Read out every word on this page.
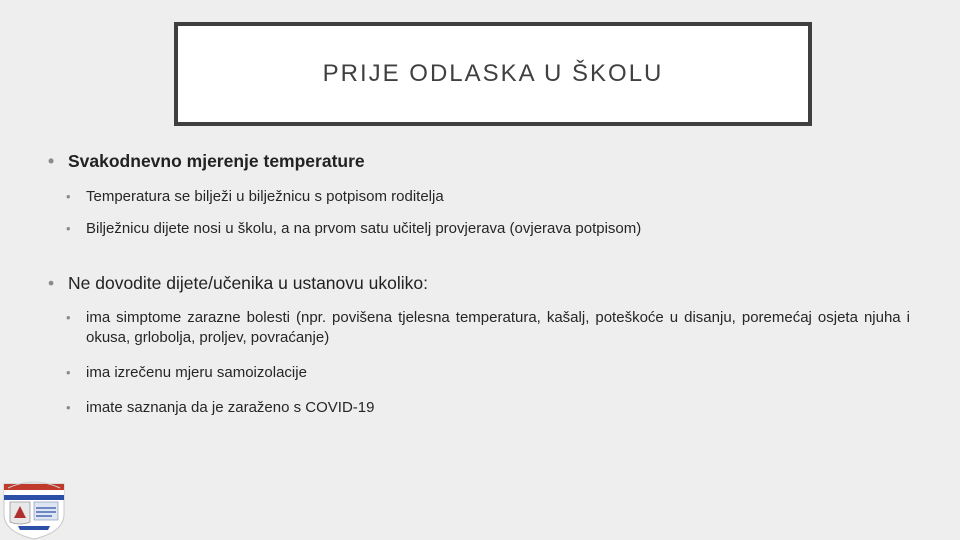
PRIJE ODLASKA U ŠKOLU
• Svakodnevno mjerenje temperature
• Temperatura se bilježi u bilježnicu s potpisom roditelja
• Bilježnicu dijete nosi u školu, a na prvom satu učitelj provjerava (ovjerava potpisom)
• Ne dovodite dijete/učenika u ustanovu ukoliko:
• ima simptome zarazne bolesti (npr. povišena tjelesna temperatura, kašalj, poteškoće u disanju, poremećaj osjeta njuha i okusa, grlobolja, proljev, povraćanje)
• ima izrečenu mjeru samoizolacije
• imate saznanja da je zaraženo s COVID-19
